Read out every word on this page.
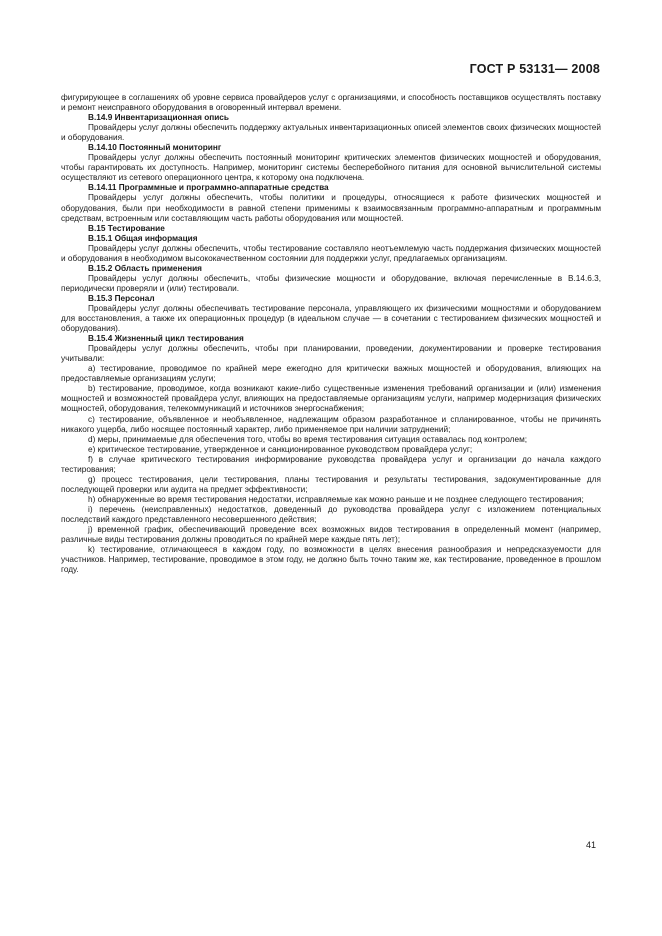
ГОСТ Р 53131— 2008

фигурирующее в соглашениях об уровне сервиса провайдеров услуг с организациями, и способность поставщиков осуществлять поставку и ремонт неисправного оборудования в оговоренный интервал времени.

В.14.9 Инвентаризационная опись

Провайдеры услуг должны обеспечить поддержку актуальных инвентаризационных описей элементов своих физических мощностей и оборудования.

В.14.10 Постоянный мониторинг

Провайдеры услуг должны обеспечить постоянный мониторинг критических элементов физических мощностей и оборудования, чтобы гарантировать их доступность. Например, мониторинг системы бесперебойного питания для основной вычислительной системы осуществляют из сетевого операционного центра, к которому она подключена.

В.14.11 Программные и программно-аппаратные средства

Провайдеры услуг должны обеспечить, чтобы политики и процедуры, относящиеся к работе физических мощностей и оборудования, были при необходимости в равной степени применимы к взаимосвязанным программно-аппаратным и программным средствам, встроенным или составляющим часть работы оборудования или мощностей.

В.15 Тестирование

В.15.1 Общая информация

Провайдеры услуг должны обеспечить, чтобы тестирование составляло неотъемлемую часть поддержания физических мощностей и оборудования в необходимом высококачественном состоянии для поддержки услуг, предлагаемых организациям.

В.15.2 Область применения

Провайдеры услуг должны обеспечить, чтобы физические мощности и оборудование, включая перечисленные в В.14.6.3, периодически проверяли и (или) тестировали.

В.15.3 Персонал

Провайдеры услуг должны обеспечивать тестирование персонала, управляющего их физическими мощностями и оборудованием для восстановления, а также их операционных процедур (в идеальном случае — в сочетании с тестированием физических мощностей и оборудования).

В.15.4 Жизненный цикл тестирования

Провайдеры услуг должны обеспечить, чтобы при планировании, проведении, документировании и проверке тестирования учитывали:

а) тестирование, проводимое по крайней мере ежегодно для критически важных мощностей и оборудования, влияющих на предоставляемые организациям услуги;

b) тестирование, проводимое, когда возникают какие-либо существенные изменения требований организации и (или) изменения мощностей и возможностей провайдера услуг, влияющих на предоставляемые организациям услуги, например модернизация физических мощностей, оборудования, телекоммуникаций и источников энергоснабжения;

c) тестирование, объявленное и необъявленное, надлежащим образом разработанное и спланированное, чтобы не причинять никакого ущерба, либо носящее постоянный характер, либо применяемое при наличии затруднений;

d) меры, принимаемые для обеспечения того, чтобы во время тестирования ситуация оставалась под контролем;

e) критическое тестирование, утвержденное и санкционированное руководством провайдера услуг;

f) в случае критического тестирования информирование руководства провайдера услуг и организации до начала каждого тестирования;

g) процесс тестирования, цели тестирования, планы тестирования и результаты тестирования, задокументированные для последующей проверки или аудита на предмет эффективности;

h) обнаруженные во время тестирования недостатки, исправляемые как можно раньше и не позднее следующего тестирования;

i) перечень (неисправленных) недостатков, доведенный до руководства провайдера услуг с изложением потенциальных последствий каждого представленного несовершенного действия;

j) временной график, обеспечивающий проведение всех возможных видов тестирования в определенный момент (например, различные виды тестирования должны проводиться по крайней мере каждые пять лет);

k) тестирование, отличающееся в каждом году, по возможности в целях внесения разнообразия и непредсказуемости для участников. Например, тестирование, проводимое в этом году, не должно быть точно таким же, как тестирование, проведенное в прошлом году.

41
